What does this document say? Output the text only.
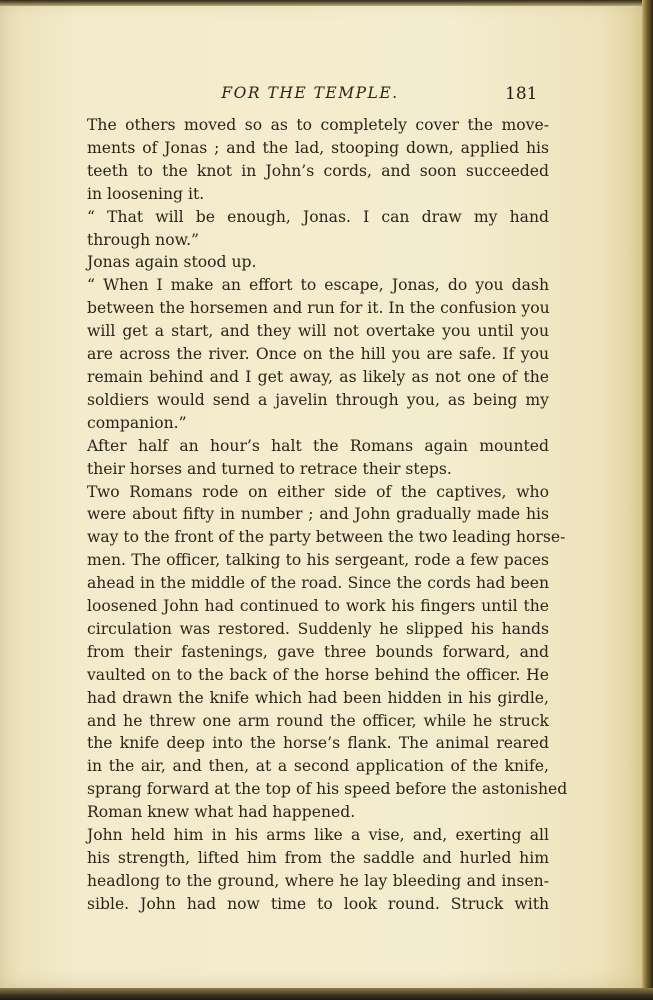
FOR THE TEMPLE.	181
The others moved so as to completely cover the move-
ments of Jonas ; and the lad, stooping down, applied his
teeth to the knot in John’s cords, and soon succeeded
in loosening it.
“ That will be enough, Jonas. I can draw my hand
through now.”
Jonas again stood up.
“ When I make an effort to escape, Jonas, do you dash
between the horsemen and run for it. In the confusion you
will get a start, and they will not overtake you until you
are across the river. Once on the hill you are safe. If you
remain behind and I get away, as likely as not one of the
soldiers would send a javelin through you, as being my
companion.”
After half an hour’s halt the Romans again mounted
their horses and turned to retrace their steps.
Two Romans rode on either side of the captives, who
were about fifty in number ; and John gradually made his
way to the front of the party between the two leading horse-
men. The officer, talking to his sergeant, rode a few paces
ahead in the middle of the road. Since the cords had been
loosened John had continued to work his fingers until the
circulation was restored. Suddenly he slipped his hands
from their fastenings, gave three bounds forward, and
vaulted on to the back of the horse behind the officer. He
had drawn the knife which had been hidden in his girdle,
and he threw one arm round the officer, while he struck
the knife deep into the horse’s flank. The animal reared
in the air, and then, at a second application of the knife,
sprang forward at the top of his speed before the astonished
Roman knew what had happened.
John held him in his arms like a vise, and, exerting all
his strength, lifted him from the saddle and hurled him
headlong to the ground, where he lay bleeding and insen-
sible. John had now time to look round. Struck with
